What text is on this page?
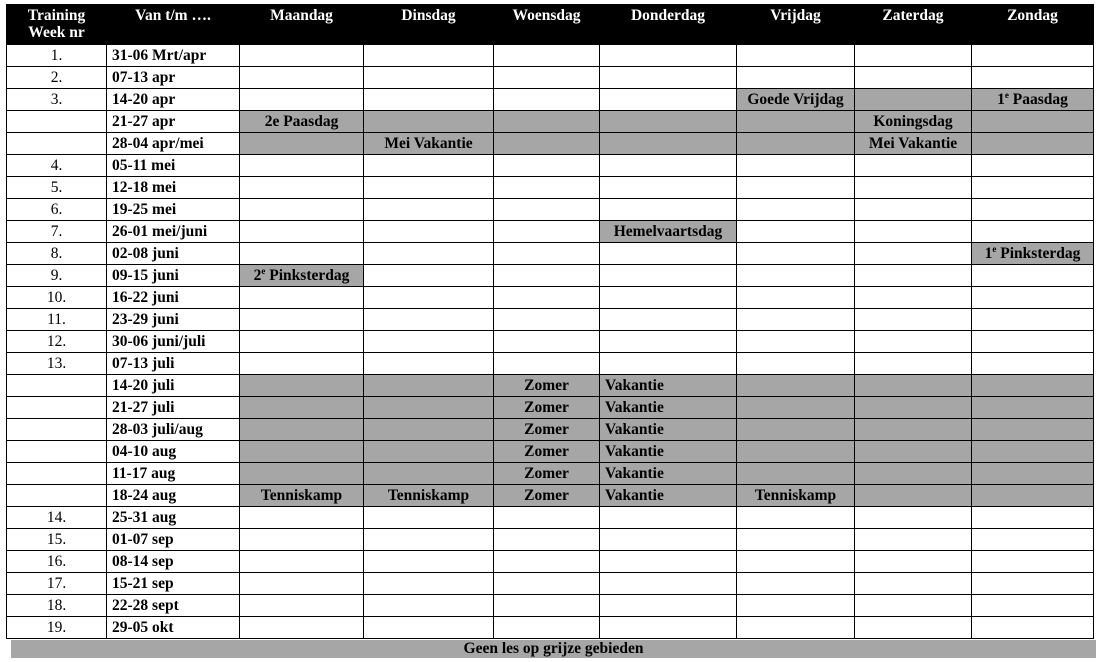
Training Week nr	Van t/m ….	Maandag	Dinsdag	Woensdag	Donderdag	Vrijdag	Zaterdag	Zondag

1.	31-06 Mrt/apr							
2.	07-13 apr							
3.	14-20 apr					Goede Vrijdag		1e Paasdag
	21-27 apr	2e Paasdag					Koningsdag	
	28-04 apr/mei		Mei Vakantie				Mei Vakantie	
4.	05-11 mei							
5.	12-18 mei							
6.	19-25 mei							
7.	26-01 mei/juni				Hemelvaartsdag			
8.	02-08 juni							1e Pinksterdag
9.	09-15 juni	2e Pinksterdag						
10.	16-22 juni							
11.	23-29 juni							
12.	30-06 juni/juli							
13.	07-13 juli							
	14-20 juli			Zomer	Vakantie			
	21-27 juli			Zomer	Vakantie			
	28-03 juli/aug			Zomer	Vakantie			
	04-10 aug			Zomer	Vakantie			
	11-17 aug			Zomer	Vakantie			
	18-24 aug	Tenniskamp	Tenniskamp	Zomer	Vakantie	Tenniskamp		
14.	25-31 aug							
15.	01-07 sep							
16.	08-14 sep							
17.	15-21 sep							
18.	22-28 sept							
19.	29-05 okt							
Geen les op grijze gebieden
